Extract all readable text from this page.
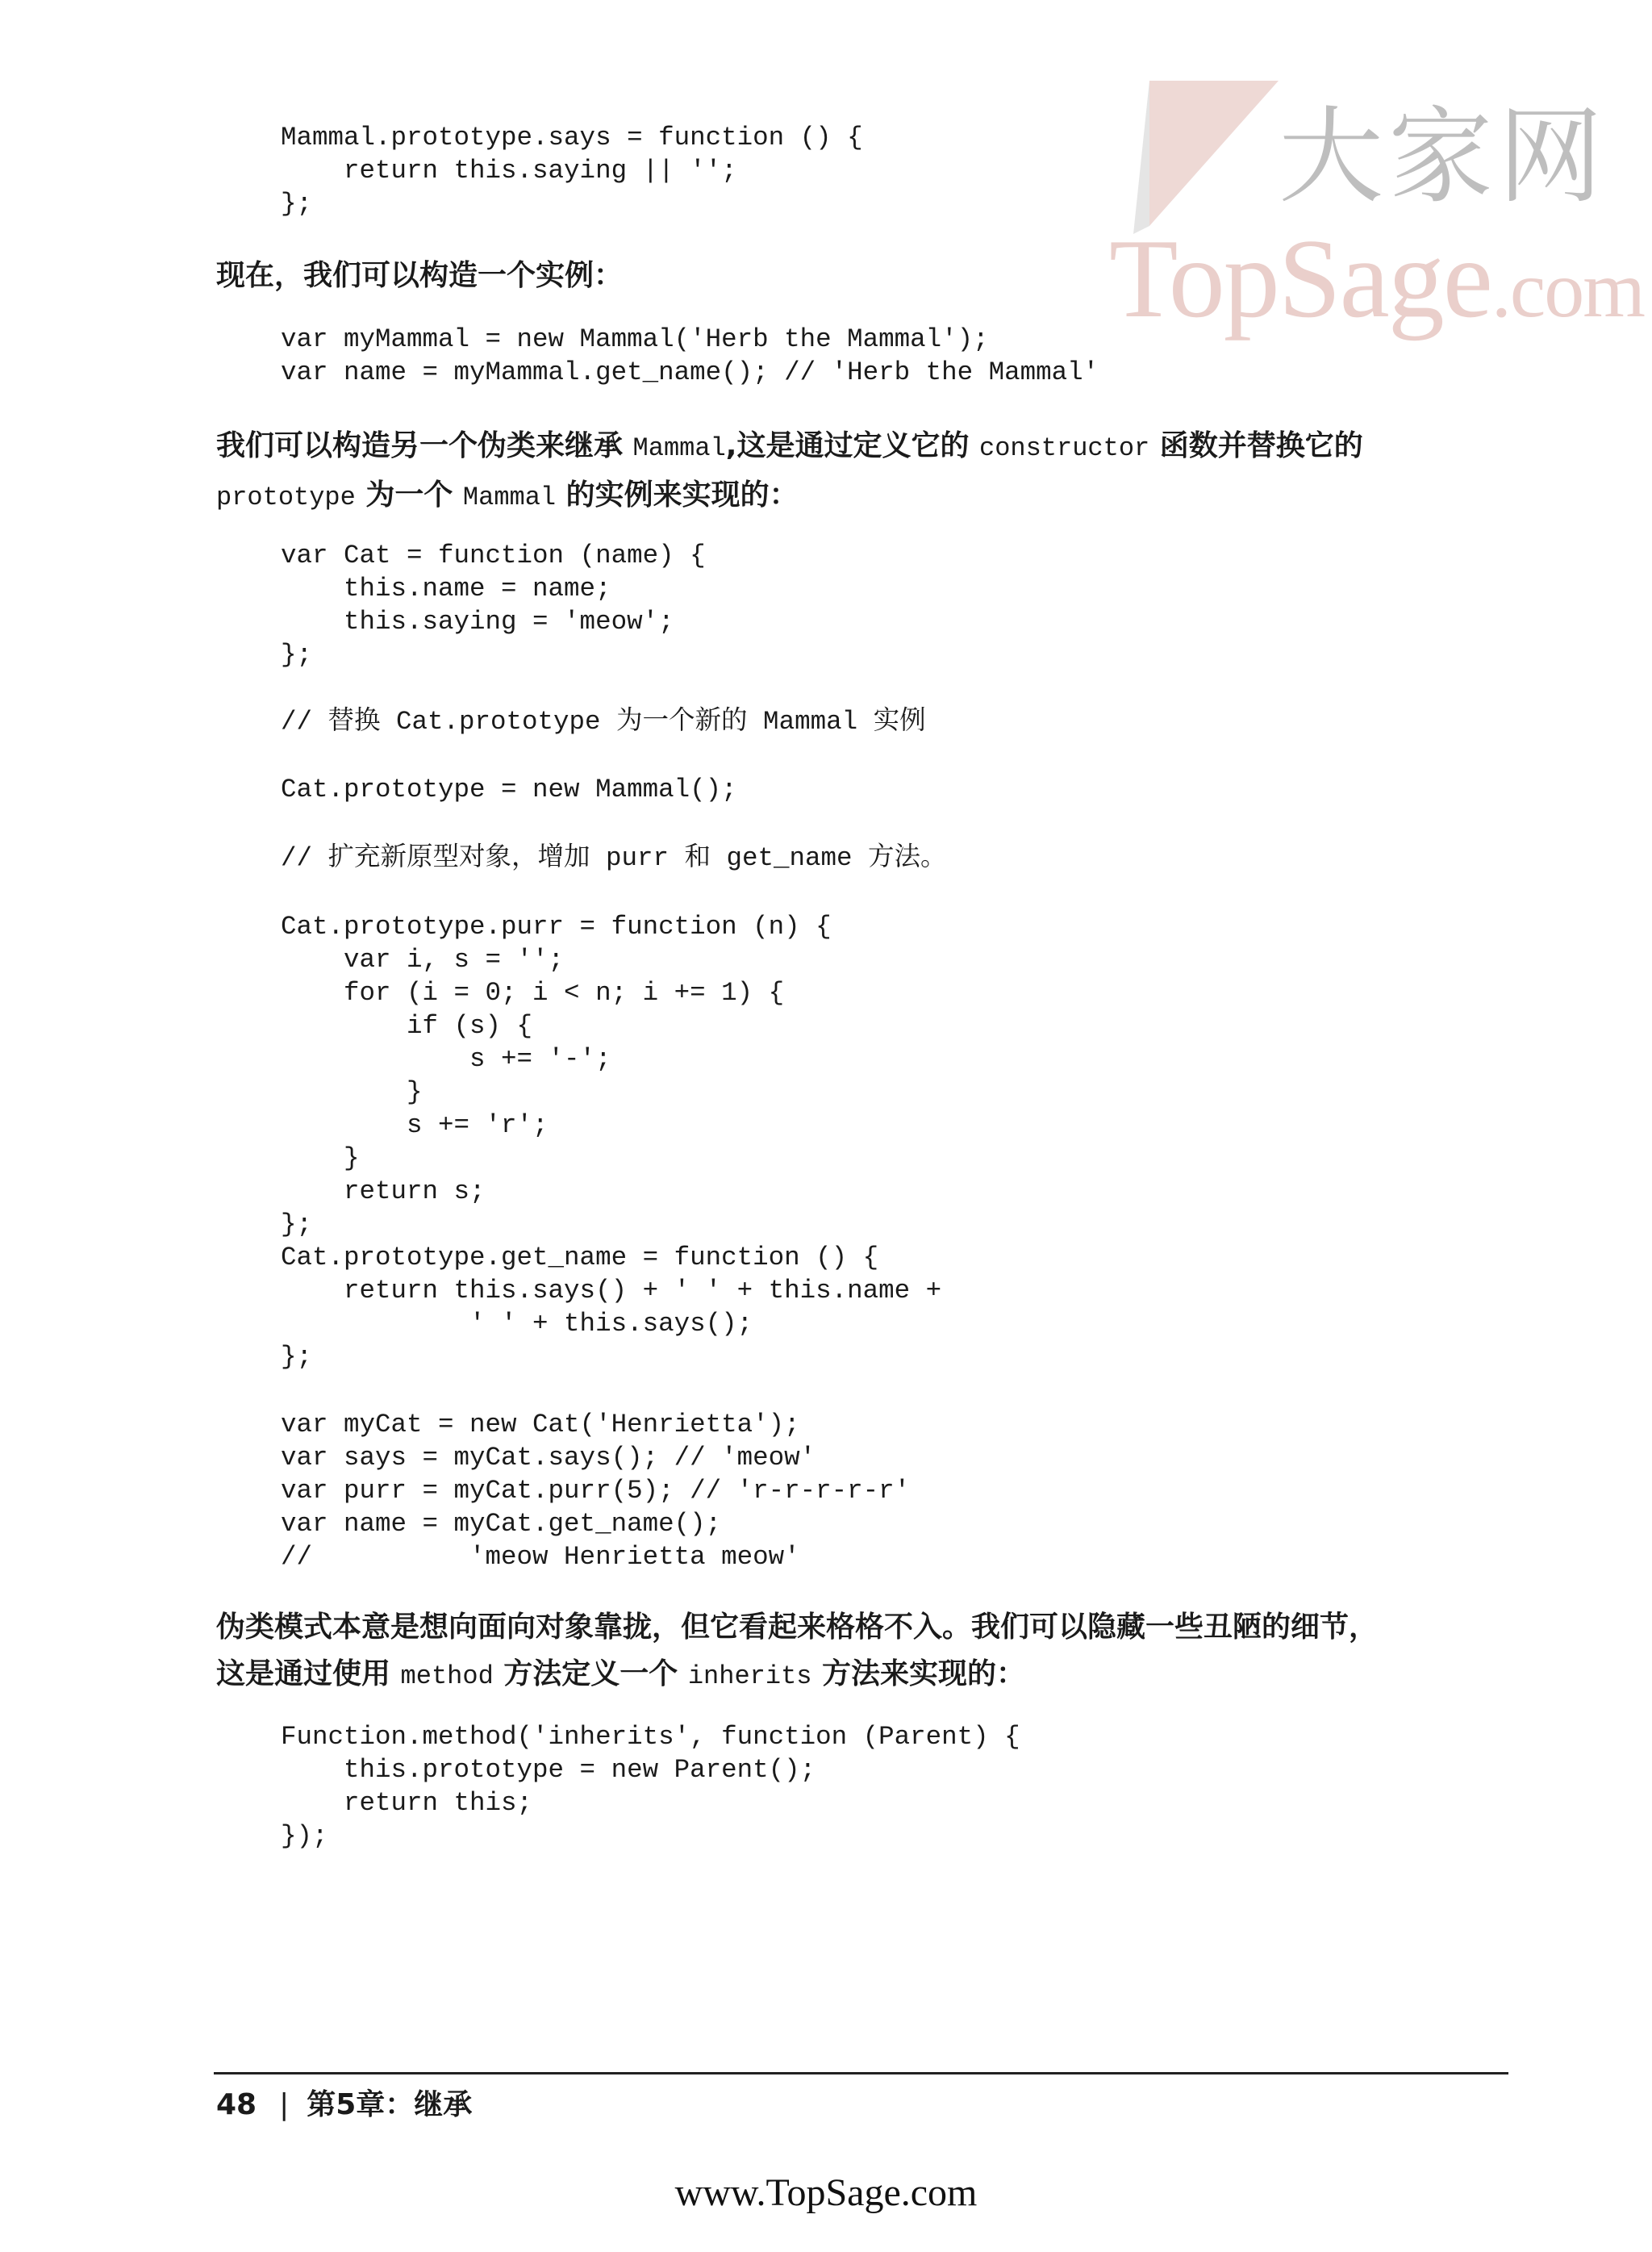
大家网
TopSage.com
Mammal.prototype.says = function () {
return this.saying || '';
};

现在，我们可以构造一个实例：

var myMammal = new Mammal('Herb the Mammal');
var name = myMammal.get_name(); // 'Herb the Mammal'

我们可以构造另一个伪类来继承 Mammal,这是通过定义它的 constructor 函数并替换它的
prototype 为一个 Mammal 的实例来实现的：

var Cat = function (name) {
this.name = name;
this.saying = 'meow';
};
// 替换 Cat.prototype 为一个新的 Mammal 实例
Cat.prototype = new Mammal();
// 扩充新原型对象，增加 purr 和 get_name 方法。
Cat.prototype.purr = function (n) {
var i, s = '';
for (i = 0; i < n; i += 1) {
if (s) {
s += '-';
}
s += 'r';
}
return s;
};
Cat.prototype.get_name = function () {
return this.says() + ' ' + this.name +
' ' + this.says();
};
var myCat = new Cat('Henrietta');
var says = myCat.says(); // 'meow'
var purr = myCat.purr(5); // 'r-r-r-r-r'
var name = myCat.get_name();
//          'meow Henrietta meow'

伪类模式本意是想向面向对象靠拢，但它看起来格格不入。我们可以隐藏一些丑陋的细节，
这是通过使用 method 方法定义一个 inherits 方法来实现的：

Function.method('inherits', function (Parent) {
this.prototype = new Parent();
return this;
});
48 | 第5章：继承
www.TopSage.com
